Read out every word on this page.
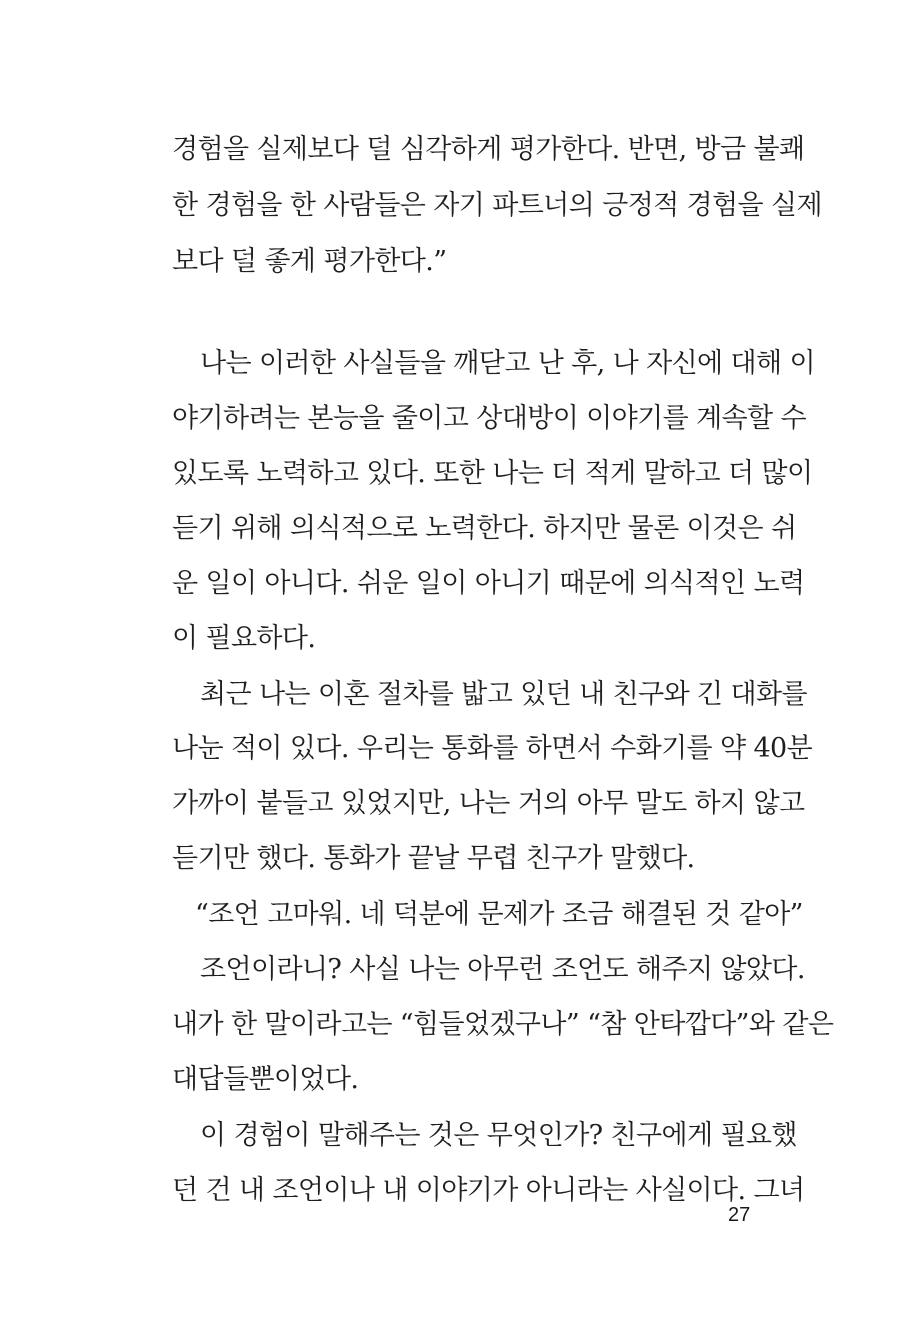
경험을 실제보다 덜 심각하게 평가한다. 반면, 방금 불쾌
한 경험을 한 사람들은 자기 파트너의 긍정적 경험을 실제
보다 덜 좋게 평가한다.”
나는 이러한 사실들을 깨닫고 난 후, 나 자신에 대해 이
야기하려는 본능을 줄이고 상대방이 이야기를 계속할 수
있도록 노력하고 있다. 또한 나는 더 적게 말하고 더 많이
듣기 위해 의식적으로 노력한다. 하지만 물론 이것은 쉬
운 일이 아니다. 쉬운 일이 아니기 때문에 의식적인 노력
이 필요하다.
최근 나는 이혼 절차를 밟고 있던 내 친구와 긴 대화를
나눈 적이 있다. 우리는 통화를 하면서 수화기를 약 40분
가까이 붙들고 있었지만, 나는 거의 아무 말도 하지 않고
듣기만 했다. 통화가 끝날 무렵 친구가 말했다.
“조언 고마워. 네 덕분에 문제가 조금 해결된 것 같아”
조언이라니? 사실 나는 아무런 조언도 해주지 않았다.
내가 한 말이라고는 “힘들었겠구나” “참 안타깝다”와 같은
대답들뿐이었다.
이 경험이 말해주는 것은 무엇인가? 친구에게 필요했
던 건 내 조언이나 내 이야기가 아니라는 사실이다. 그녀
27
